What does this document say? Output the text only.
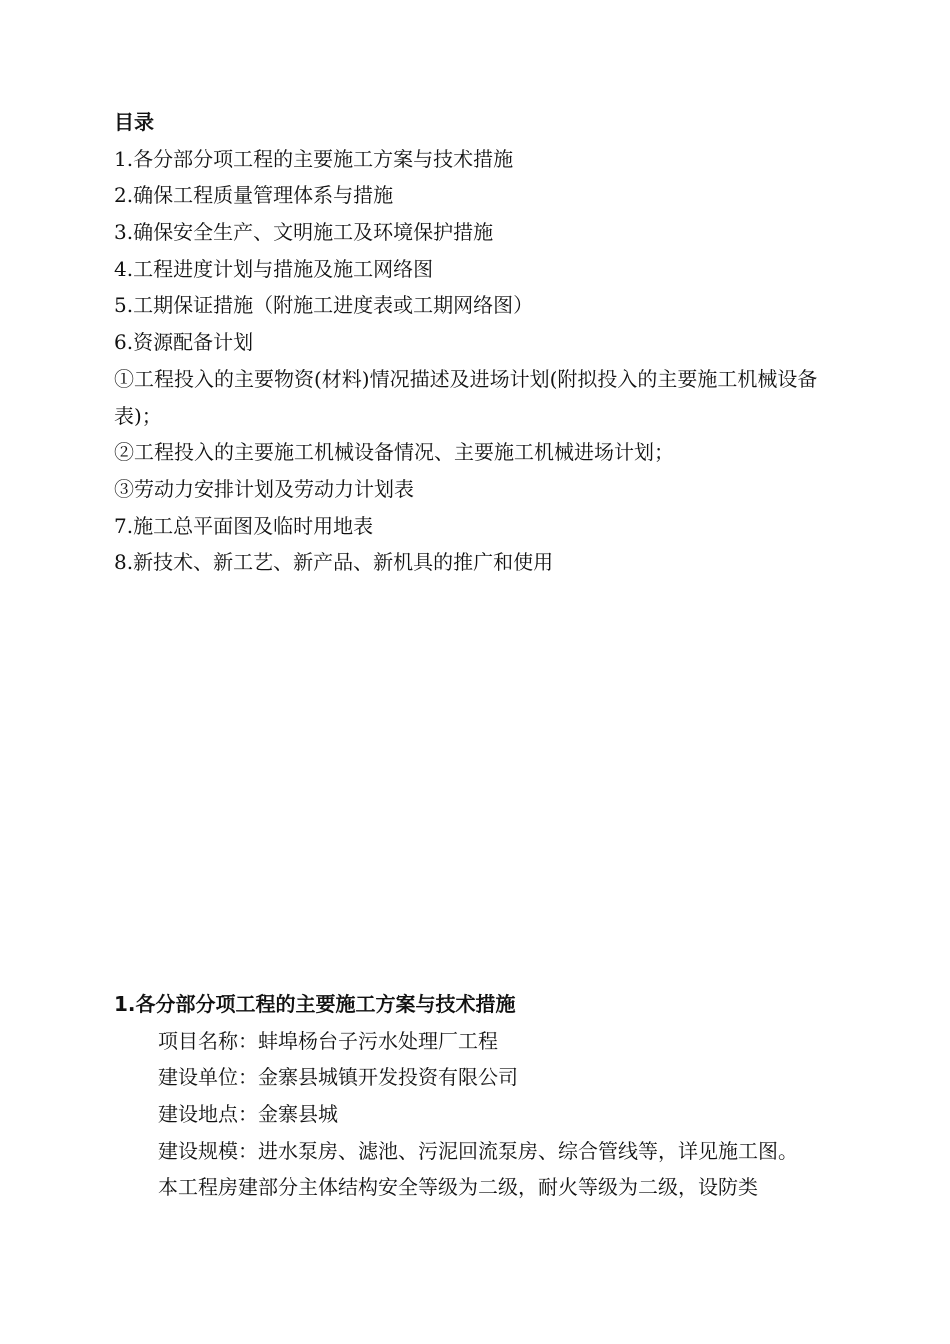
目录
1.各分部分项工程的主要施工方案与技术措施
2.确保工程质量管理体系与措施
3.确保安全生产、文明施工及环境保护措施
4.工程进度计划与措施及施工网络图
5.工期保证措施（附施工进度表或工期网络图）
6.资源配备计划
①工程投入的主要物资(材料)情况描述及进场计划(附拟投入的主要施工机械设备表)；
②工程投入的主要施工机械设备情况、主要施工机械进场计划；
③劳动力安排计划及劳动力计划表
7.施工总平面图及临时用地表
8.新技术、新工艺、新产品、新机具的推广和使用
1.各分部分项工程的主要施工方案与技术措施
项目名称：蚌埠杨台子污水处理厂工程
建设单位：金寨县城镇开发投资有限公司
建设地点：金寨县城
建设规模：进水泵房、滤池、污泥回流泵房、综合管线等，详见施工图。
本工程房建部分主体结构安全等级为二级，耐火等级为二级，设防类
